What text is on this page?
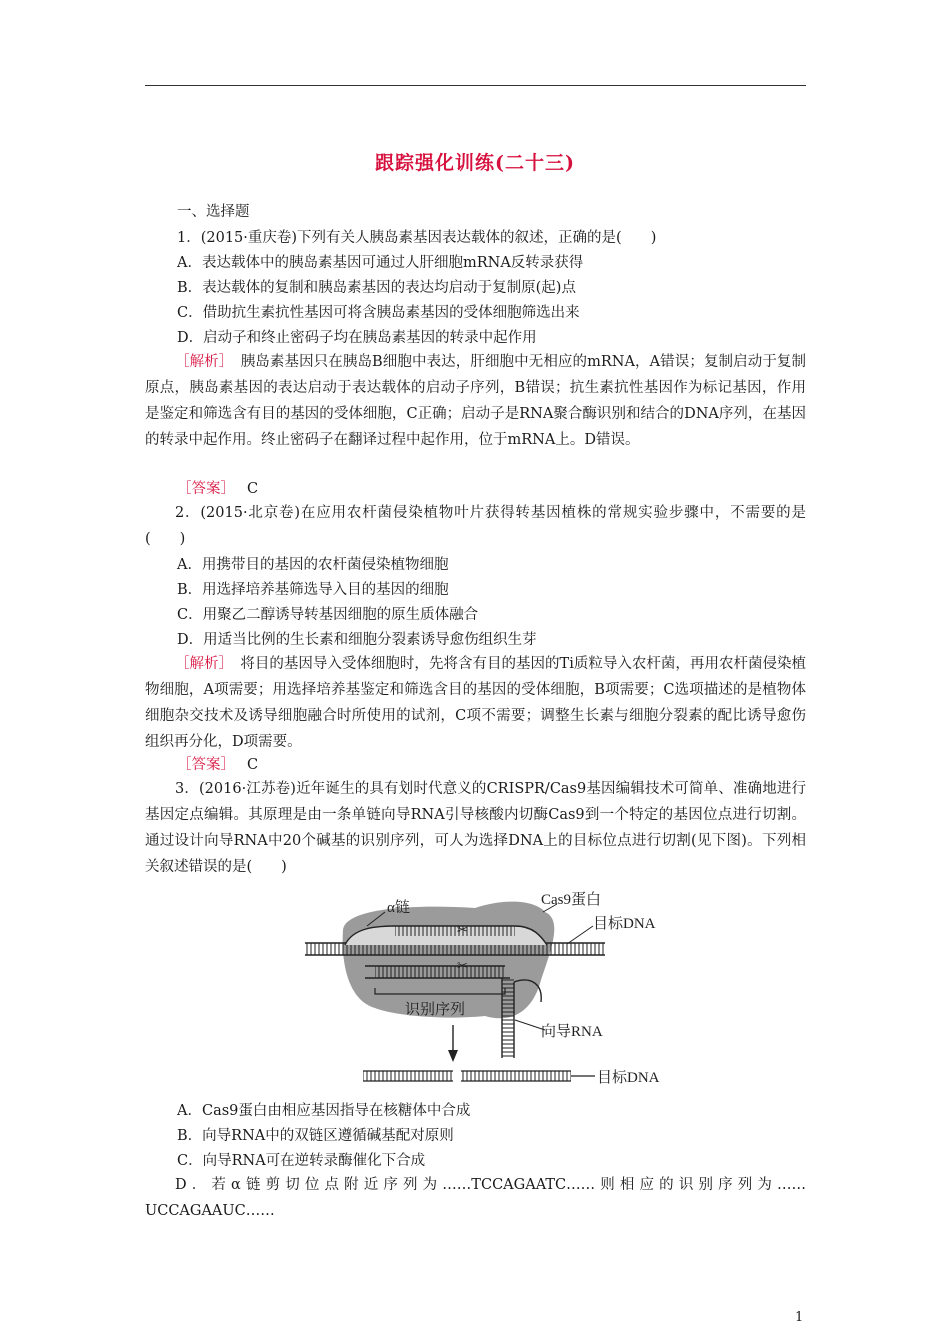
跟踪强化训练(二十三)
一、选择题
1．(2015·重庆卷)下列有关人胰岛素基因表达载体的叙述，正确的是(　　)
A．表达载体中的胰岛素基因可通过人肝细胞mRNA反转录获得
B．表达载体的复制和胰岛素基因的表达均启动于复制原(起)点
C．借助抗生素抗性基因可将含胰岛素基因的受体细胞筛选出来
D．启动子和终止密码子均在胰岛素基因的转录中起作用
［解析］　 胰岛素基因只在胰岛B细胞中表达，肝细胞中无相应的mRNA，A错误；复制启动于复制原点，胰岛素基因的表达启动于表达载体的启动子序列，B错误；抗生素抗性基因作为标记基因，作用是鉴定和筛选含有目的基因的受体细胞，C正确；启动子是RNA聚合酶识别和结合的DNA序列，在基因的转录中起作用。终止密码子在翻译过程中起作用，位于mRNA上。D错误。
［答案］ C
2．(2015·北京卷)在应用农杆菌侵染植物叶片获得转基因植株的常规实验步骤中，不需要的是(　　)
A．用携带目的基因的农杆菌侵染植物细胞
B．用选择培养基筛选导入目的基因的细胞
C．用聚乙二醇诱导转基因细胞的原生质体融合
D．用适当比例的生长素和细胞分裂素诱导愈伤组织生芽
［解析］　 将目的基因导入受体细胞时，先将含有目的基因的Ti质粒导入农杆菌，再用农杆菌侵染植物细胞，A项需要；用选择培养基鉴定和筛选含目的基因的受体细胞，B项需要；C选项描述的是植物体细胞杂交技术及诱导细胞融合时所使用的试剂，C项不需要；调整生长素与细胞分裂素的配比诱导愈伤组织再分化，D项需要。
［答案］ C
3．(2016·江苏卷)近年诞生的具有划时代意义的CRISPR/Cas9基因编辑技术可简单、准确地进行基因定点编辑。其原理是由一条单链向导RNA引导核酸内切酶Cas9到一个特定的基因位点进行切割。通过设计向导RNA中20个碱基的识别序列，可人为选择DNA上的目标位点进行切割(见下图)。下列相关叙述错误的是(　　)
✂
✂
α链	Cas9蛋白
目标DNA
识别序列
向导RNA
目标DNA
A．Cas9蛋白由相应基因指导在核糖体中合成
B．向导RNA中的双链区遵循碱基配对原则
C．向导RNA可在逆转录酶催化下合成
D．若α链剪切位点附近序列为……TCCAGAATC……则相应的识别序列为……UCCAGAAUC……
1
